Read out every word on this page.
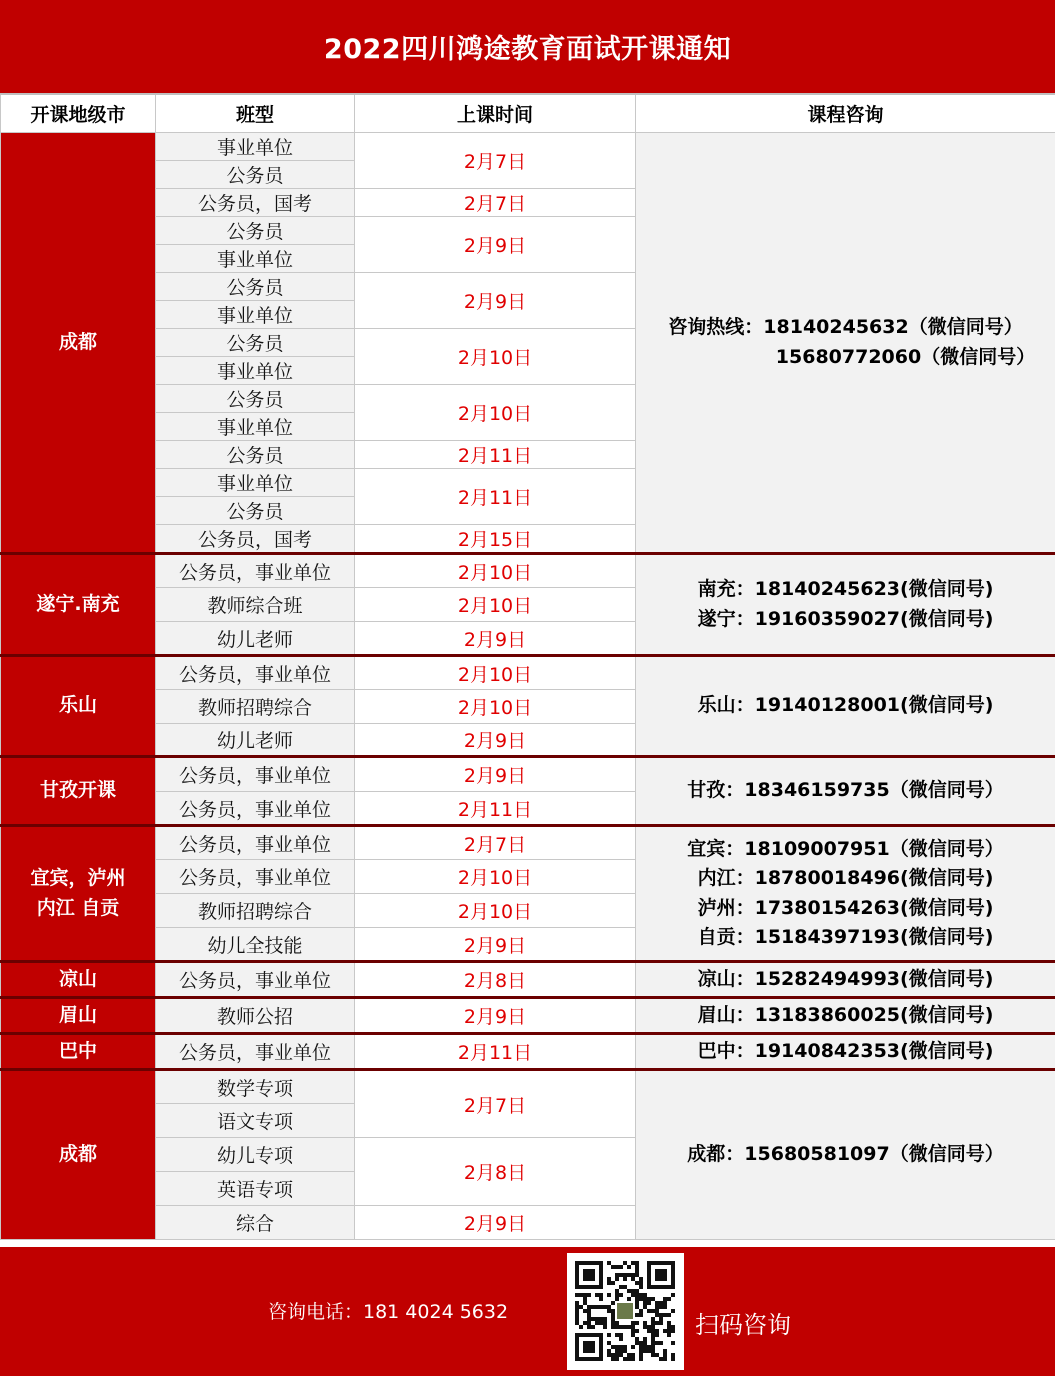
2022四川鸿途教育面试开课通知
开课地级市	班型	上课时间	课程咨询

成都	事业单位	2月7日	咨询热线：18140245632（微信同号）
15680772060（微信同号）

	公务员		
	公务员，国考	2月7日	
	公务员	2月9日	
	事业单位		
	公务员	2月9日	
	事业单位		
	公务员	2月10日	
	事业单位		
	公务员	2月10日	
	事业单位		
	公务员	2月11日	
	事业单位	2月11日	
	公务员		
	公务员，国考	2月15日	

遂宁.南充	公务员，事业单位	2月10日	南充：18140245623(微信同号)
遂宁：19160359027(微信同号)

	教师综合班	2月10日	
	幼儿老师	2月9日	

乐山	公务员，事业单位	2月10日	乐山：19140128001(微信同号)

	教师招聘综合	2月10日	
	幼儿老师	2月9日	

甘孜开课	公务员，事业单位	2月9日	甘孜：18346159735（微信同号）

	公务员，事业单位	2月11日	

宜宾，泸州
内江 自贡	公务员，事业单位	2月7日	宜宾：18109007951（微信同号）
内江：18780018496(微信同号)
泸州：17380154263(微信同号)
自贡：15184397193(微信同号)

	公务员，事业单位	2月10日	
	教师招聘综合	2月10日	
	幼儿全技能	2月9日	

凉山	公务员，事业单位	2月8日	凉山：15282494993(微信同号)

眉山	教师公招	2月9日	眉山：13183860025(微信同号)

巴中	公务员，事业单位	2月11日	巴中：19140842353(微信同号)

成都	数学专项	2月7日	成都：15680581097（微信同号）

	语文专项		
	幼儿专项	2月8日	
	英语专项		
	综合	2月9日	
咨询电话：181 4024 5632	扫码咨询
